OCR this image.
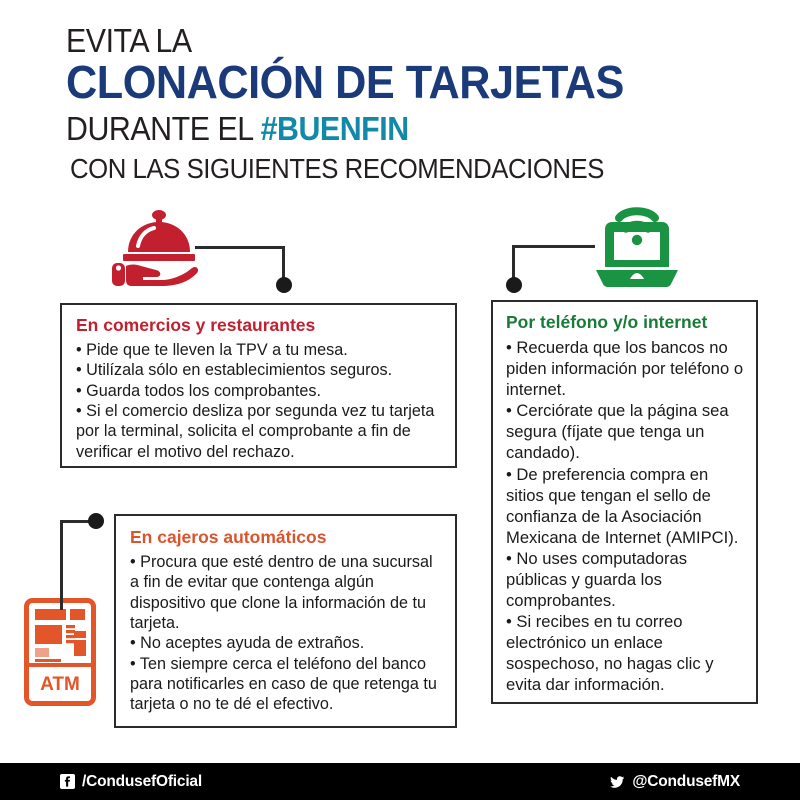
EVITA LA
CLONACIÓN DE TARJETAS
DURANTE EL #BUENFIN
CON LAS SIGUIENTES RECOMENDACIONES
ATM
En comercios y restaurantes

• Pide que te lleven la TPV a tu mesa.

• Utilízala sólo en establecimientos seguros.

• Guarda todos los comprobantes.

• Si el comercio desliza por segunda vez tu tarjeta por la terminal, solicita el comprobante a fin de verificar el motivo del rechazo.

Por teléfono y/o internet

• Recuerda que los bancos no piden información por teléfono o internet.

• Cerciórate que la página sea segura (fíjate que tenga un candado).

• De preferencia compra en sitios que tengan el sello de confianza de la Asociación Mexicana de Internet (AMIPCI).

• No uses computadoras públicas y guarda los comprobantes.

• Si recibes en tu correo electrónico un enlace sospechoso, no hagas clic y evita dar información.

En cajeros automáticos

• Procura que esté dentro de una sucursal a fin de evitar que contenga algún dispositivo que clone la información de tu tarjeta.

• No aceptes ayuda de extraños.

• Ten siempre cerca el teléfono del banco para notificarles en caso de que retenga tu tarjeta o no te dé el efectivo.

/CondusefOficial	@CondusefMX
